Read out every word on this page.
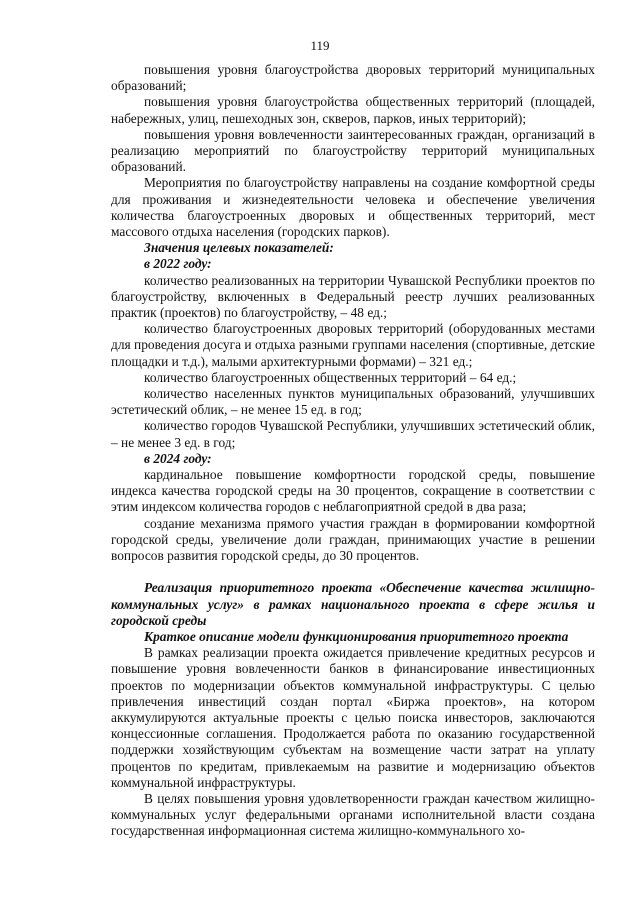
119

повышения уровня благоустройства дворовых территорий муниципальных образований;

повышения уровня благоустройства общественных территорий (площадей, набережных, улиц, пешеходных зон, скверов, парков, иных территорий);

повышения уровня вовлеченности заинтересованных граждан, организаций в реализацию мероприятий по благоустройству территорий муниципальных образований.

Мероприятия по благоустройству направлены на создание комфортной среды для проживания и жизнедеятельности человека и обеспечение увеличения количества благоустроенных дворовых и общественных территорий, мест массового отдыха населения (городских парков).

Значения целевых показателей:

в 2022 году:

количество реализованных на территории Чувашской Республики проектов по благоустройству, включенных в Федеральный реестр лучших реализованных практик (проектов) по благоустройству, – 48 ед.;

количество благоустроенных дворовых территорий (оборудованных местами для проведения досуга и отдыха разными группами населения (спортивные, детские площадки и т.д.), малыми архитектурными формами) – 321 ед.;

количество благоустроенных общественных территорий – 64 ед.;

количество населенных пунктов муниципальных образований, улучшивших эстетический облик, – не менее 15 ед. в год;

количество городов Чувашской Республики, улучшивших эстетический облик, – не менее 3 ед. в год;

в 2024 году:

кардинальное повышение комфортности городской среды, повышение индекса качества городской среды на 30 процентов, сокращение в соответствии с этим индексом количества городов с неблагоприятной средой в два раза;

создание механизма прямого участия граждан в формировании комфортной городской среды, увеличение доли граждан, принимающих участие в решении вопросов развития городской среды, до 30 процентов.

Реализация приоритетного проекта «Обеспечение качества жилищно-коммунальных услуг» в рамках национального проекта в сфере жилья и городской среды

Краткое описание модели функционирования приоритетного проекта

В рамках реализации проекта ожидается привлечение кредитных ресурсов и повышение уровня вовлеченности банков в финансирование инвестиционных проектов по модернизации объектов коммунальной инфраструктуры. С целью привлечения инвестиций создан портал «Биржа проектов», на котором аккумулируются актуальные проекты с целью поиска инвесторов, заключаются концессионные соглашения. Продолжается работа по оказанию государственной поддержки хозяйствующим субъектам на возмещение части затрат на уплату процентов по кредитам, привлекаемым на развитие и модернизацию объектов коммунальной инфраструктуры.

В целях повышения уровня удовлетворенности граждан качеством жилищно-коммунальных услуг федеральными органами исполнительной власти создана государственная информационная система жилищно-коммунального хо-
